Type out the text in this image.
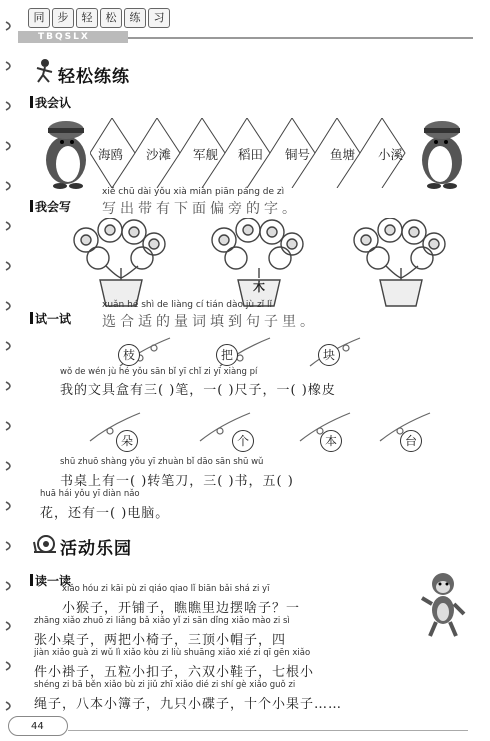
同	步	轻	松	练	习
TBQSLX
轻松练练
我会认
海鸥 沙滩 军舰 稻田 铜号 鱼塘 小溪
我会写
xiě chū dài yǒu xià miàn piān páng de zì
写出带有下面偏旁的字。
木
试一试
xuǎn hé shì de liàng cí tián dào jù zǐ lǐ
选合适的量词填到句子里。
枝	把	块
wǒ de wén jù hé yǒu sān bǐ yī chǐ zi yī xiàng pí
我的文具盒有三( )笔，一( )尺子，一( )橡皮
朵	个	本	台
shū zhuō shàng yǒu yī zhuàn bǐ dāo sān shū wǔ
书桌上有一( )转笔刀，三( )书，五( )
huā hái yǒu yī diàn nǎo
花，还有一( )电脑。
活动乐园
读一读
xiǎo hóu zi kāi pù zi qiáo qiao lǐ biān bǎi shá zi yī
小猴子，开铺子，瞧瞧里边摆啥子？一
zhāng xiǎo zhuō zi liǎng bǎ xiǎo yǐ zi sān dǐng xiǎo mào zi sì
张小桌子，两把小椅子，三顶小帽子，四
jiàn xiǎo guà zi wǔ lì xiǎo kòu zi liù shuāng xiǎo xié zi qī gēn xiǎo
件小褂子，五粒小扣子，六双小鞋子，七根小
shéng zi bā běn xiǎo bù zi jiǔ zhī xiǎo dié zi shí gè xiǎo guǒ zi
绳子，八本小簿子，九只小碟子，十个小果子……
44
